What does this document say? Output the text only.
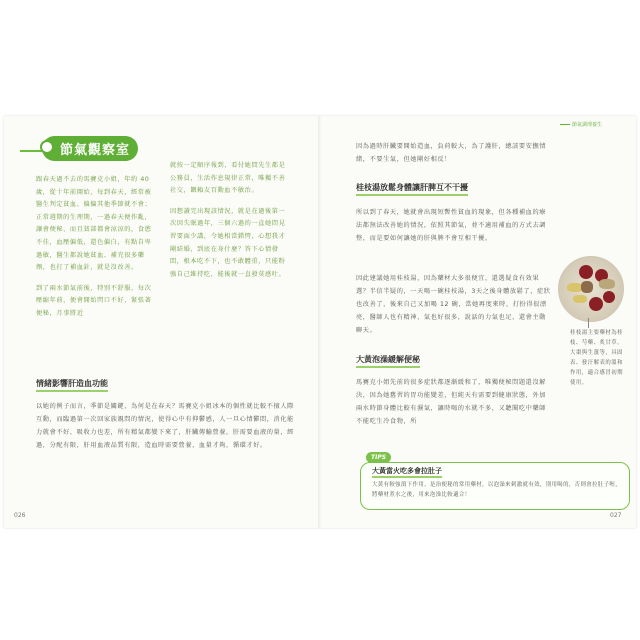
節氣觀察室

跟春天過不去的馬賽克小姐，年約 40 歲，從十年前開始，每到春天，經常被醫生判定貧血、偏偏其他季節就不會；正常週期的生理期，一過春天便作亂，讓會便秘、而且貧部都會涼涼的，食慾不佳，血壓偏低，還色偏白，有點自卑過敏，醫生都說她貧血、補充很多藥劑，也打了補血針，就是沒改善。

到了兩水節氣前後，特別不舒服，每次壓縮年前，便會開始閃口不好，緊張著便秘，月事將近

就按一定順序報到，看付她問先生都是公務員，生活作息規律正常，唯獨不善社交，餵賴友百動血不敏治。

因想讀完出現該情況，就是在過後第一次因失眠過年，三個六過的一直她問見習要面少講，令她相當錯愕，心想我才剛結婚，到底在身什麼？答下心情發悶，根本吃不下，也不敢體重，只能粉強自己維持吃，能後就一直發莫感吐。

情緒影響肝造血功能

以她的例子而言，季節是關鍵，為何是在春天？馬賽克小姐冰本的個性就比較不擅人際互動，而臨過第一次回家族親問的情況，使得心中有抑鬱感，人一旦心情鬱悶，消化能力就會不好，吸收力也差，所有精氣都變下來了，肝臟傳輸營養，肝需要血液的量，經過，分配有限，肝用血液品質有限，造血時需要營養，血量才夠，循環才好。

026
節氣調理養生

因為過時肝臟要開始造血，負荷較大，為了護肝，總該要安撫情緒，不要生氣，但她剛好相反！

桂枝湯放鬆身體讓肝脾互不干擾

所以到了春天，她就會出現短暫性貧血的現象，但各種補血的療法都無法改善她的情況，依照其節氣，並不適用補血的方式去調整，而是要如何讓她的肝與脾不會互相干擾。

因此建議她用桂枝湯，因為藥材大多很便宜，還選疑食有效果選？半信半疑的，一天喝一碗桂枝湯，3天之後身體放鬆了，症狀也改善了，後來自己又加喝 12 碗，當她再度來時，打扮得很漂亮，醫師人也有精神，氣也好很多，說話的力氣也足，還會主動聊天。

大黃泡澡緩解便秘

馬賽克小姐先前的很多症狀都逐漸緩和了，唯獨便秘問題還沒解決，因為她舊習的胃功能變差，但純天有需要到健康狀態，外加兩水時節身體比較有濕氣，讓時喝的水就不多，又聽聞吃中藥師不能吃生冷食物，所

桂枝湯主要藥材為桂枝、芍藥、炙甘草，大棗與生薑等，具固表、發汗解表的溫和作用，適合感冒初期使用。
TIPS
大黃當火吃多會拉肚子
大黃有較強瀉下作用，是治便秘的常用藥材，以泡澡來刺激就有效，別用喝的，否則會拉肚子喔，將藥材煮水之後，用來泡澡比較適合！
027
